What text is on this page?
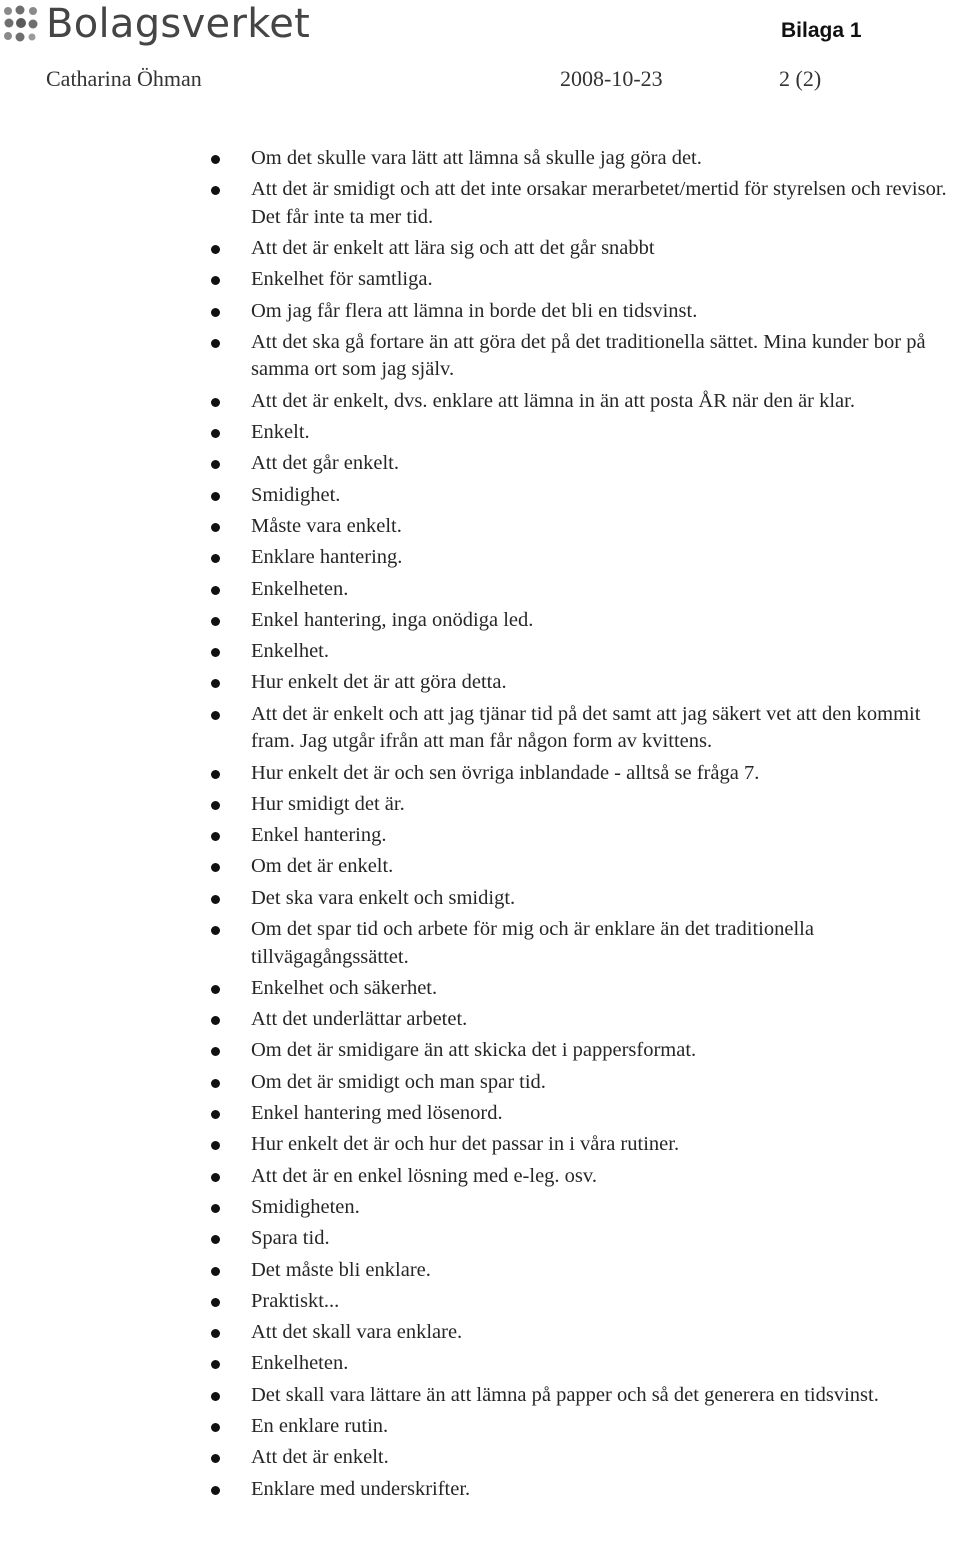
Bolagsverket	Bilaga 1
Catharina Öhman	2008-10-23	2 (2)
Om det skulle vara lätt att lämna så skulle jag göra det.
Att det är smidigt och att det inte orsakar merarbetet/mertid för styrelsen och revisor. Det får inte ta mer tid.
Att det är enkelt att lära sig och att det går snabbt
Enkelhet för samtliga.
Om jag får flera att lämna in borde det bli en tidsvinst.
Att det ska gå fortare än att göra det på det traditionella sättet. Mina kunder bor på samma ort som jag själv.
Att det är enkelt, dvs. enklare att lämna in än att posta ÅR när den är klar.
Enkelt.
Att det går enkelt.
Smidighet.
Måste vara enkelt.
Enklare hantering.
Enkelheten.
Enkel hantering, inga onödiga led.
Enkelhet.
Hur enkelt det är att göra detta.
Att det är enkelt och att jag tjänar tid på det samt att jag säkert vet att den kommit fram. Jag utgår ifrån att man får någon form av kvittens.
Hur enkelt det är och sen övriga inblandade - alltså se fråga 7.
Hur smidigt det är.
Enkel hantering.
Om det är enkelt.
Det ska vara enkelt och smidigt.
Om det spar tid och arbete för mig och är enklare än det traditionella tillvägagångssättet.
Enkelhet och säkerhet.
Att det underlättar arbetet.
Om det är smidigare än att skicka det i pappersformat.
Om det är smidigt och man spar tid.
Enkel hantering med lösenord.
Hur enkelt det är och hur det passar in i våra rutiner.
Att det är en enkel lösning med e-leg. osv.
Smidigheten.
Spara tid.
Det måste bli enklare.
Praktiskt...
Att det skall vara enklare.
Enkelheten.
Det skall vara lättare än att lämna på papper och så det generera en tidsvinst.
En enklare rutin.
Att det är enkelt.
Enklare med underskrifter.
